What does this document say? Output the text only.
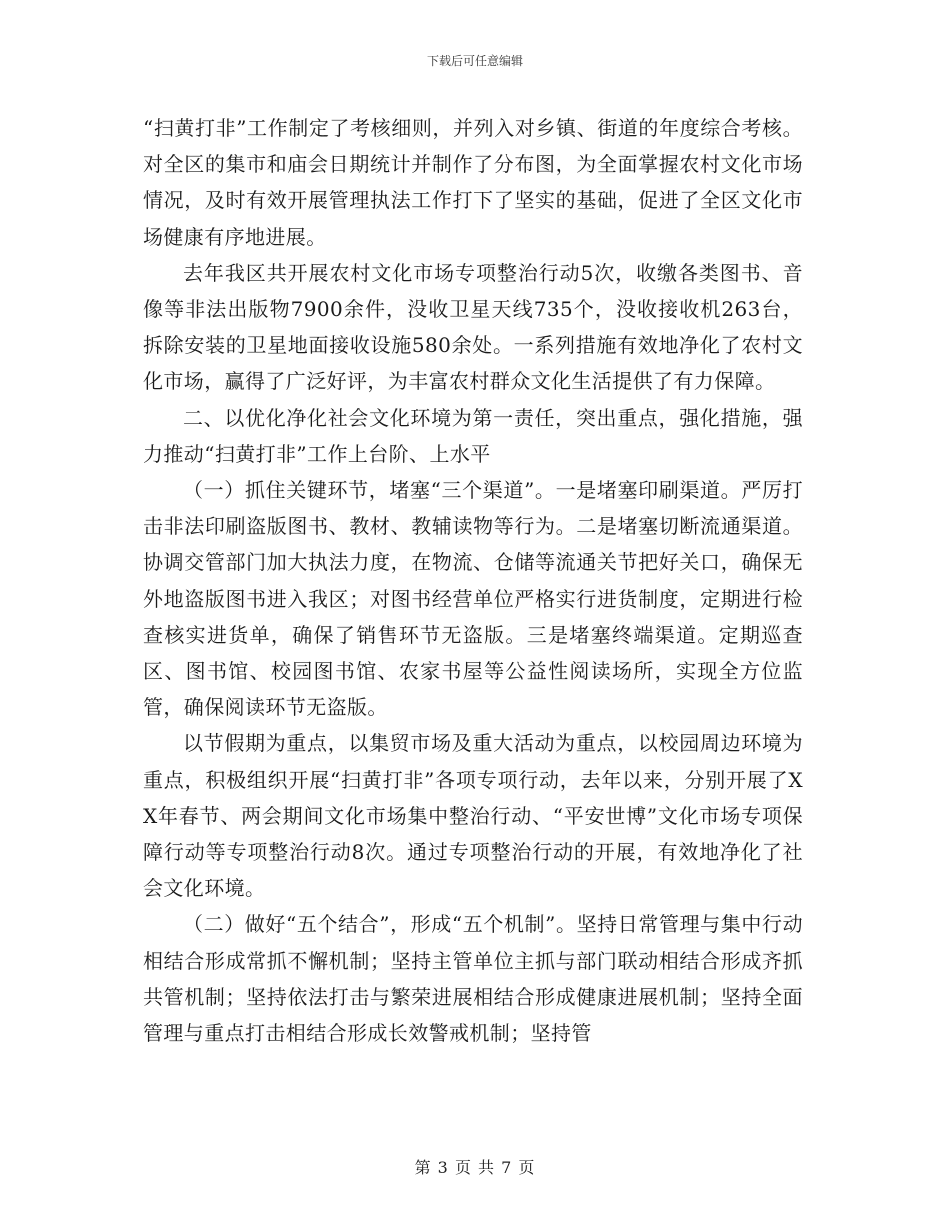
下载后可任意编辑

“扫黄打非”工作制定了考核细则，并列入对乡镇、街道的年度综合考核。对全区的集市和庙会日期统计并制作了分布图，为全面掌握农村文化市场情况，及时有效开展管理执法工作打下了坚实的基础，促进了全区文化市场健康有序地进展。

去年我区共开展农村文化市场专项整治行动5次，收缴各类图书、音像等非法出版物7900余件，没收卫星天线735个，没收接收机263台，拆除安装的卫星地面接收设施580余处。一系列措施有效地净化了农村文化市场，赢得了广泛好评，为丰富农村群众文化生活提供了有力保障。

二、以优化净化社会文化环境为第一责任，突出重点，强化措施，强力推动“扫黄打非”工作上台阶、上水平

（一）抓住关键环节，堵塞“三个渠道”。一是堵塞印刷渠道。严厉打击非法印刷盗版图书、教材、教辅读物等行为。二是堵塞切断流通渠道。协调交管部门加大执法力度，在物流、仓储等流通关节把好关口，确保无外地盗版图书进入我区；对图书经营单位严格实行进货制度，定期进行检查核实进货单，确保了销售环节无盗版。三是堵塞终端渠道。定期巡查区、图书馆、校园图书馆、农家书屋等公益性阅读场所，实现全方位监管，确保阅读环节无盗版。

以节假期为重点，以集贸市场及重大活动为重点，以校园周边环境为重点，积极组织开展“扫黄打非”各项专项行动，去年以来，分别开展了XX年春节、两会期间文化市场集中整治行动、“平安世博”文化市场专项保障行动等专项整治行动8次。通过专项整治行动的开展，有效地净化了社会文化环境。

（二）做好“五个结合”，形成“五个机制”。坚持日常管理与集中行动相结合形成常抓不懈机制；坚持主管单位主抓与部门联动相结合形成齐抓共管机制；坚持依法打击与繁荣进展相结合形成健康进展机制；坚持全面管理与重点打击相结合形成长效警戒机制；坚持管

第 3 页 共 7 页
